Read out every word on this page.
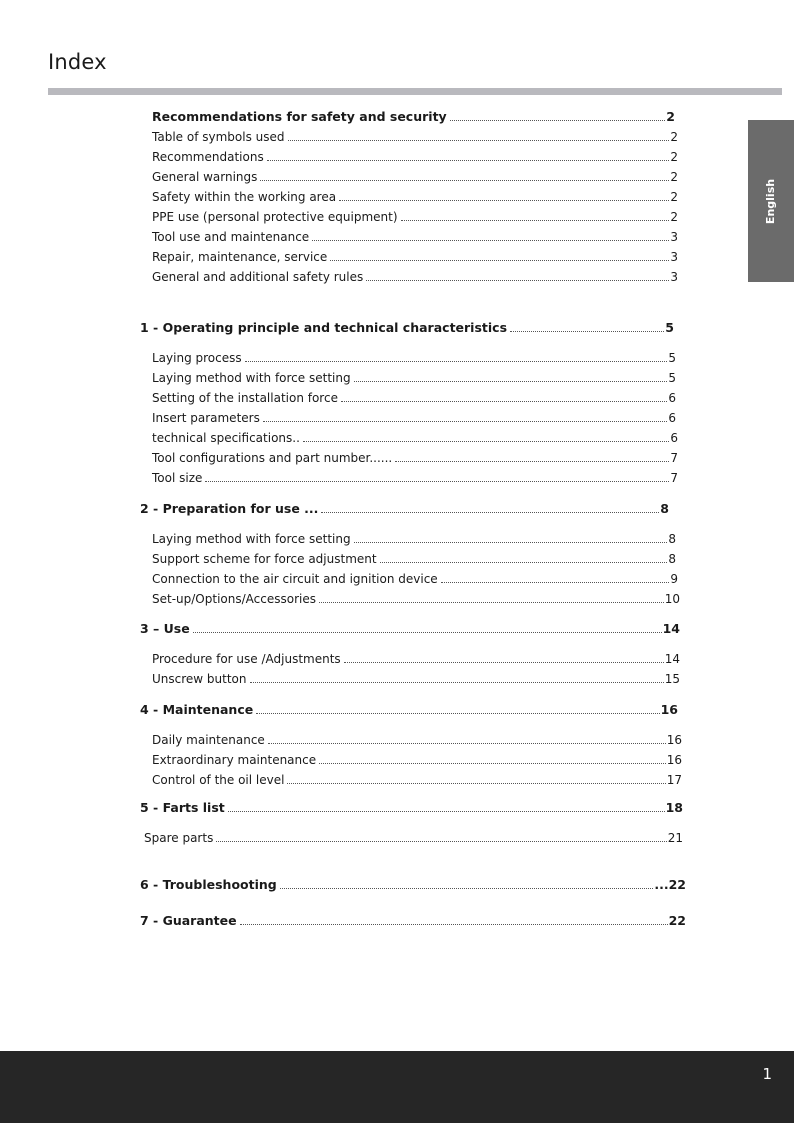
Index
English
Recommendations for safety and security	2
Table of symbols used	2
Recommendations	2
General warnings	2
Safety within the working area	2
PPE use (personal protective equipment)	2
Tool use and maintenance	3
Repair, maintenance, service	3
General and additional safety rules	3
1 - Operating principle and technical characteristics	5
Laying process	5
Laying method with force setting	5
Setting of the installation force	6
Insert parameters	6
technical specifications..	6
Tool configurations and part number......	7
Tool size	7
2 - Preparation for use ...	8
Laying method with force setting	8
Support scheme for force adjustment	8
Connection to the air circuit and ignition device	9
Set-up/Options/Accessories	10
3 – Use	14
Procedure for use /Adjustments	14
Unscrew button	15
4 - Maintenance	16
Daily maintenance	16
Extraordinary maintenance	16
Control of the oil level	17
5 - Farts list	18
Spare parts	21
6 - Troubleshooting	...22
7 - Guarantee	22
1
